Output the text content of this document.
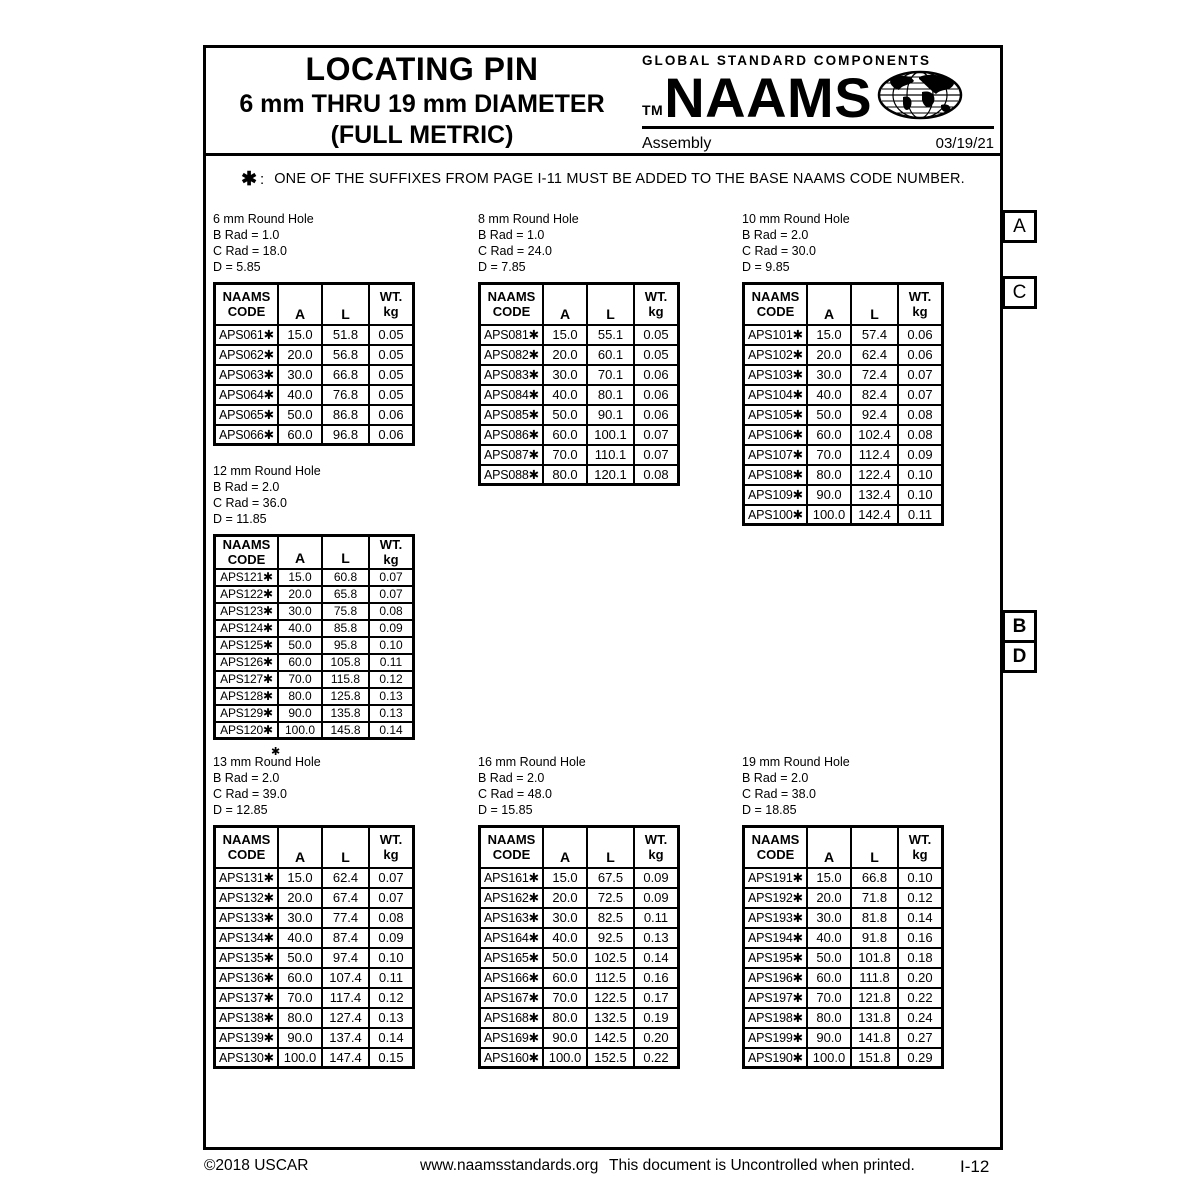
LOCATING PIN
6 mm THRU 19 mm DIAMETER
(FULL METRIC)
GLOBAL STANDARD COMPONENTS
TM NAAMS
Assembly	03/19/21
✱ : ONE OF THE SUFFIXES FROM PAGE I-11 MUST BE ADDED TO THE BASE NAAMS CODE NUMBER.
6 mm Round Hole
B Rad = 1.0
C Rad = 18.0
D = 5.85
NAAMS
CODE	A	L	
WT.
kg

APS061✱	15.0	51.8	0.05
APS062✱	20.0	56.8	0.05
APS063✱	30.0	66.8	0.05
APS064✱	40.0	76.8	0.05
APS065✱	50.0	86.8	0.06
APS066✱	60.0	96.8	0.06
8 mm Round Hole
B Rad = 1.0
C Rad = 24.0
D = 7.85
NAAMS
CODE	A	L	
WT.
kg

APS081✱	15.0	55.1	0.05
APS082✱	20.0	60.1	0.05
APS083✱	30.0	70.1	0.06
APS084✱	40.0	80.1	0.06
APS085✱	50.0	90.1	0.06
APS086✱	60.0	100.1	0.07
APS087✱	70.0	110.1	0.07
APS088✱	80.0	120.1	0.08
10 mm Round Hole
B Rad = 2.0
C Rad = 30.0
D = 9.85
NAAMS
CODE	A	L	
WT.
kg

APS101✱	15.0	57.4	0.06
APS102✱	20.0	62.4	0.06
APS103✱	30.0	72.4	0.07
APS104✱	40.0	82.4	0.07
APS105✱	50.0	92.4	0.08
APS106✱	60.0	102.4	0.08
APS107✱	70.0	112.4	0.09
APS108✱	80.0	122.4	0.10
APS109✱	90.0	132.4	0.10
APS100✱	100.0	142.4	0.11
12 mm Round Hole
B Rad = 2.0
C Rad = 36.0
D = 11.85
NAAMS
CODE	A	L	
WT.
kg

APS121✱	15.0	60.8	0.07
APS122✱	20.0	65.8	0.07
APS123✱	30.0	75.8	0.08
APS124✱	40.0	85.8	0.09
APS125✱	50.0	95.8	0.10
APS126✱	60.0	105.8	0.11
APS127✱	70.0	115.8	0.12
APS128✱	80.0	125.8	0.13
APS129✱	90.0	135.8	0.13
APS120✱	100.0	145.8	0.14
✱
13 mm Round Hole
B Rad = 2.0
C Rad = 39.0
D = 12.85
NAAMS
CODE	A	L	
WT.
kg

APS131✱	15.0	62.4	0.07
APS132✱	20.0	67.4	0.07
APS133✱	30.0	77.4	0.08
APS134✱	40.0	87.4	0.09
APS135✱	50.0	97.4	0.10
APS136✱	60.0	107.4	0.11
APS137✱	70.0	117.4	0.12
APS138✱	80.0	127.4	0.13
APS139✱	90.0	137.4	0.14
APS130✱	100.0	147.4	0.15
16 mm Round Hole
B Rad = 2.0
C Rad = 48.0
D = 15.85
NAAMS
CODE	A	L	
WT.
kg

APS161✱	15.0	67.5	0.09
APS162✱	20.0	72.5	0.09
APS163✱	30.0	82.5	0.11
APS164✱	40.0	92.5	0.13
APS165✱	50.0	102.5	0.14
APS166✱	60.0	112.5	0.16
APS167✱	70.0	122.5	0.17
APS168✱	80.0	132.5	0.19
APS169✱	90.0	142.5	0.20
APS160✱	100.0	152.5	0.22
19 mm Round Hole
B Rad = 2.0
C Rad = 38.0
D = 18.85
NAAMS
CODE	A	L	
WT.
kg

APS191✱	15.0	66.8	0.10
APS192✱	20.0	71.8	0.12
APS193✱	30.0	81.8	0.14
APS194✱	40.0	91.8	0.16
APS195✱	50.0	101.8	0.18
APS196✱	60.0	111.8	0.20
APS197✱	70.0	121.8	0.22
APS198✱	80.0	131.8	0.24
APS199✱	90.0	141.8	0.27
APS190✱	100.0	151.8	0.29
A
C
B
D
©2018 USCAR	www.naamsstandards.org This document is Uncontrolled when printed.	I-12
